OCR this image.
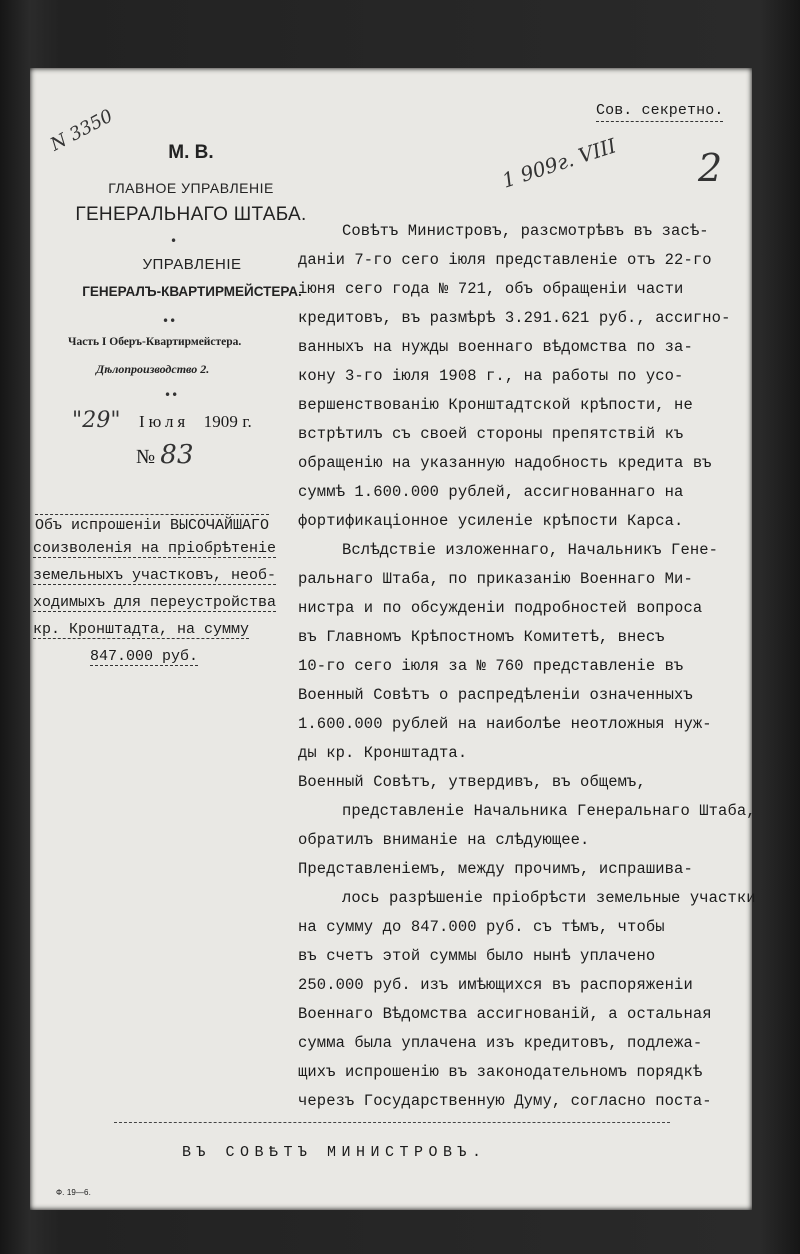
N 3350
1 909г. VIII 2
Сов. секретно.
М. В.
ГЛАВНОЕ УПРАВЛЕНIЕ
ГЕНЕРАЛЬНАГО ШТАБА.
•
УПРАВЛЕНIЕ
ГЕНЕРАЛЪ-КВАРТИРМЕЙСТЕРА.
••
Часть I Оберъ-Квартирмейстера.
Дѣлопроизводство 2.
••
"29" Iюля 1909 г.
№ 83
Объ испрошенiи ВЫСОЧАЙШАГО
соизволенiя на прiобрѣтенiе
земельныхъ участковъ, необ-
ходимыхъ для переустройства
кр. Кронштадта, на сумму
847.000 руб.
Совѣтъ Министровъ, разсмотрѣвъ въ засѣ-
данiи 7-го сего iюля представленiе отъ 22-го
iюня сего года № 721, объ обращенiи части
кредитовъ, въ размѣрѣ 3.291.621 руб., ассигно-
ванныхъ на нужды военнаго вѣдомства по за-
кону 3-го iюля 1908 г., на работы по усо-
вершенствованiю Кронштадтской крѣпости, не
встрѣтилъ съ своей стороны препятствiй къ
обращенiю на указанную надобность кредита въ
суммѣ 1.600.000 рублей, ассигнованнаго на
фортификацiонное усиленiе крѣпости Карса.
Вслѣдствiе изложеннаго, Начальникъ Гене-
ральнаго Штаба, по приказанiю Военнаго Ми-
нистра и по обсужденiи подробностей вопроса
въ Главномъ Крѣпостномъ Комитетѣ, внесъ
10-го сего iюля за № 760 представленiе въ
Военный Совѣтъ о распредѣленiи означенныхъ
1.600.000 рублей на наиболѣе неотложныя нуж-
ды кр. Кронштадта.
Военный Совѣтъ, утвердивъ, въ общемъ,
представленiе Начальника Генеральнаго Штаба,
обратилъ вниманiе на слѣдующее.
Представленiемъ, между прочимъ, испрашива-
лось разрѣшенiе прiобрѣсти земельные участки
на сумму до 847.000 руб. съ тѣмъ, чтобы
въ счетъ этой суммы было нынѣ уплачено
250.000 руб. изъ имѣющихся въ распоряженiи
Военнаго Вѣдомства ассигнованiй, а остальная
сумма была уплачена изъ кредитовъ, подлежа-
щихъ испрошенiю въ законодательномъ порядкѣ
черезъ Государственную Думу, согласно поста-
ВЪ СОВѢТЪ МИНИСТРОВЪ.
Ф. 19—6.
